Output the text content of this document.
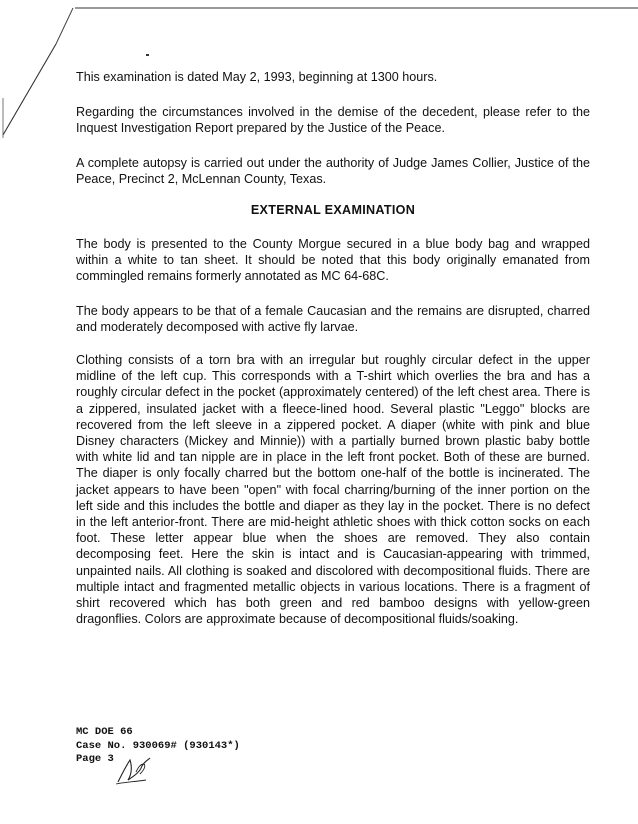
This examination is dated May 2, 1993, beginning at 1300 hours.

Regarding the circumstances involved in the demise of the decedent, please refer to the Inquest Investigation Report prepared by the Justice of the Peace.

A complete autopsy is carried out under the authority of Judge James Collier, Justice of the Peace, Precinct 2, McLennan County, Texas.

EXTERNAL EXAMINATION

The body is presented to the County Morgue secured in a blue body bag and wrapped within a white to tan sheet. It should be noted that this body originally emanated from commingled remains formerly annotated as MC 64-68C.

The body appears to be that of a female Caucasian and the remains are disrupted, charred and moderately decomposed with active fly larvae.

Clothing consists of a torn bra with an irregular but roughly circular defect in the upper midline of the left cup. This corresponds with a T-shirt which overlies the bra and has a roughly circular defect in the pocket (approximately centered) of the left chest area. There is a zippered, insulated jacket with a fleece-lined hood. Several plastic "Leggo" blocks are recovered from the left sleeve in a zippered pocket. A diaper (white with pink and blue Disney characters (Mickey and Minnie)) with a partially burned brown plastic baby bottle with white lid and tan nipple are in place in the left front pocket. Both of these are burned. The diaper is only focally charred but the bottom one-half of the bottle is incinerated. The jacket appears to have been "open" with focal charring/burning of the inner portion on the left side and this includes the bottle and diaper as they lay in the pocket. There is no defect in the left anterior-front. There are mid-height athletic shoes with thick cotton socks on each foot. These letter appear blue when the shoes are removed. They also contain decomposing feet. Here the skin is intact and is Caucasian-appearing with trimmed, unpainted nails. All clothing is soaked and discolored with decompositional fluids. There are multiple intact and fragmented metallic objects in various locations. There is a fragment of shirt recovered which has both green and red bamboo designs with yellow-green dragonflies. Colors are approximate because of decompositional fluids/soaking.

MC DOE 66
Case No. 930069# (930143*)
Page 3
